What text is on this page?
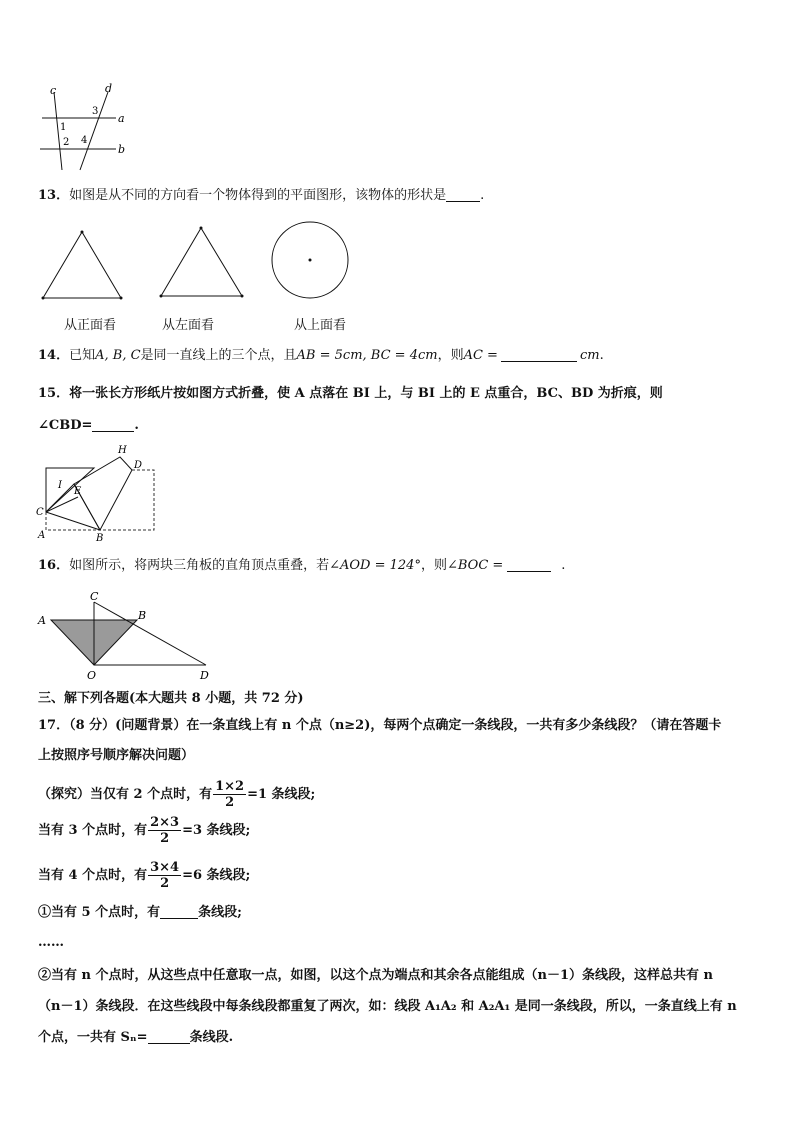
c	d
a
b
1
2
3
4
13．如图是从不同的方向看一个物体得到的平面图形，该物体的形状是	.
从正面看	从左面看	从上面看
14．已知A, B, C是同一直线上的三个点，且AB = 5cm, BC = 4cm，则AC =	cm.
15．将一张长方形纸片按如图方式折叠，使 A 点落在 BI 上，与 BI 上的 E 点重合，BC、BD 为折痕，则
∠CBD=	.
H
D
I
E
C
A	B
16．如图所示，将两块三角板的直角顶点重叠，若∠AOD = 124°，则∠BOC =	.
C
A	B
O	D
三、解下列各题(本大题共 8 小题，共 72 分)
17．（8 分）(问题背景）在一条直线上有 n 个点（n≥2)，每两个点确定一条线段，一共有多少条线段？（请在答题卡
上按照序号顺序解决问题）
（探究）当仅有 2 个点时，有 $\frac{1\times 2}{2} =1$ 条线段;
当有 3 个点时，有 $\frac{2\times 3}{2} =3$ 条线段;
当有 4 个点时，有 $\frac{3\times 4}{2} =6$ 条线段;
①当有 5 个点时，有	条线段;
……
②当有 n 个点时，从这些点中任意取一点，如图，以这个点为端点和其余各点能组成（n－1）条线段，这样总共有 n
（n－1）条线段．在这些线段中每条线段都重复了两次，如：线段 A₁A₂ 和 A₂A₁ 是同一条线段，所以，一条直线上有 n
个点，一共有 Sₙ=	条线段.
